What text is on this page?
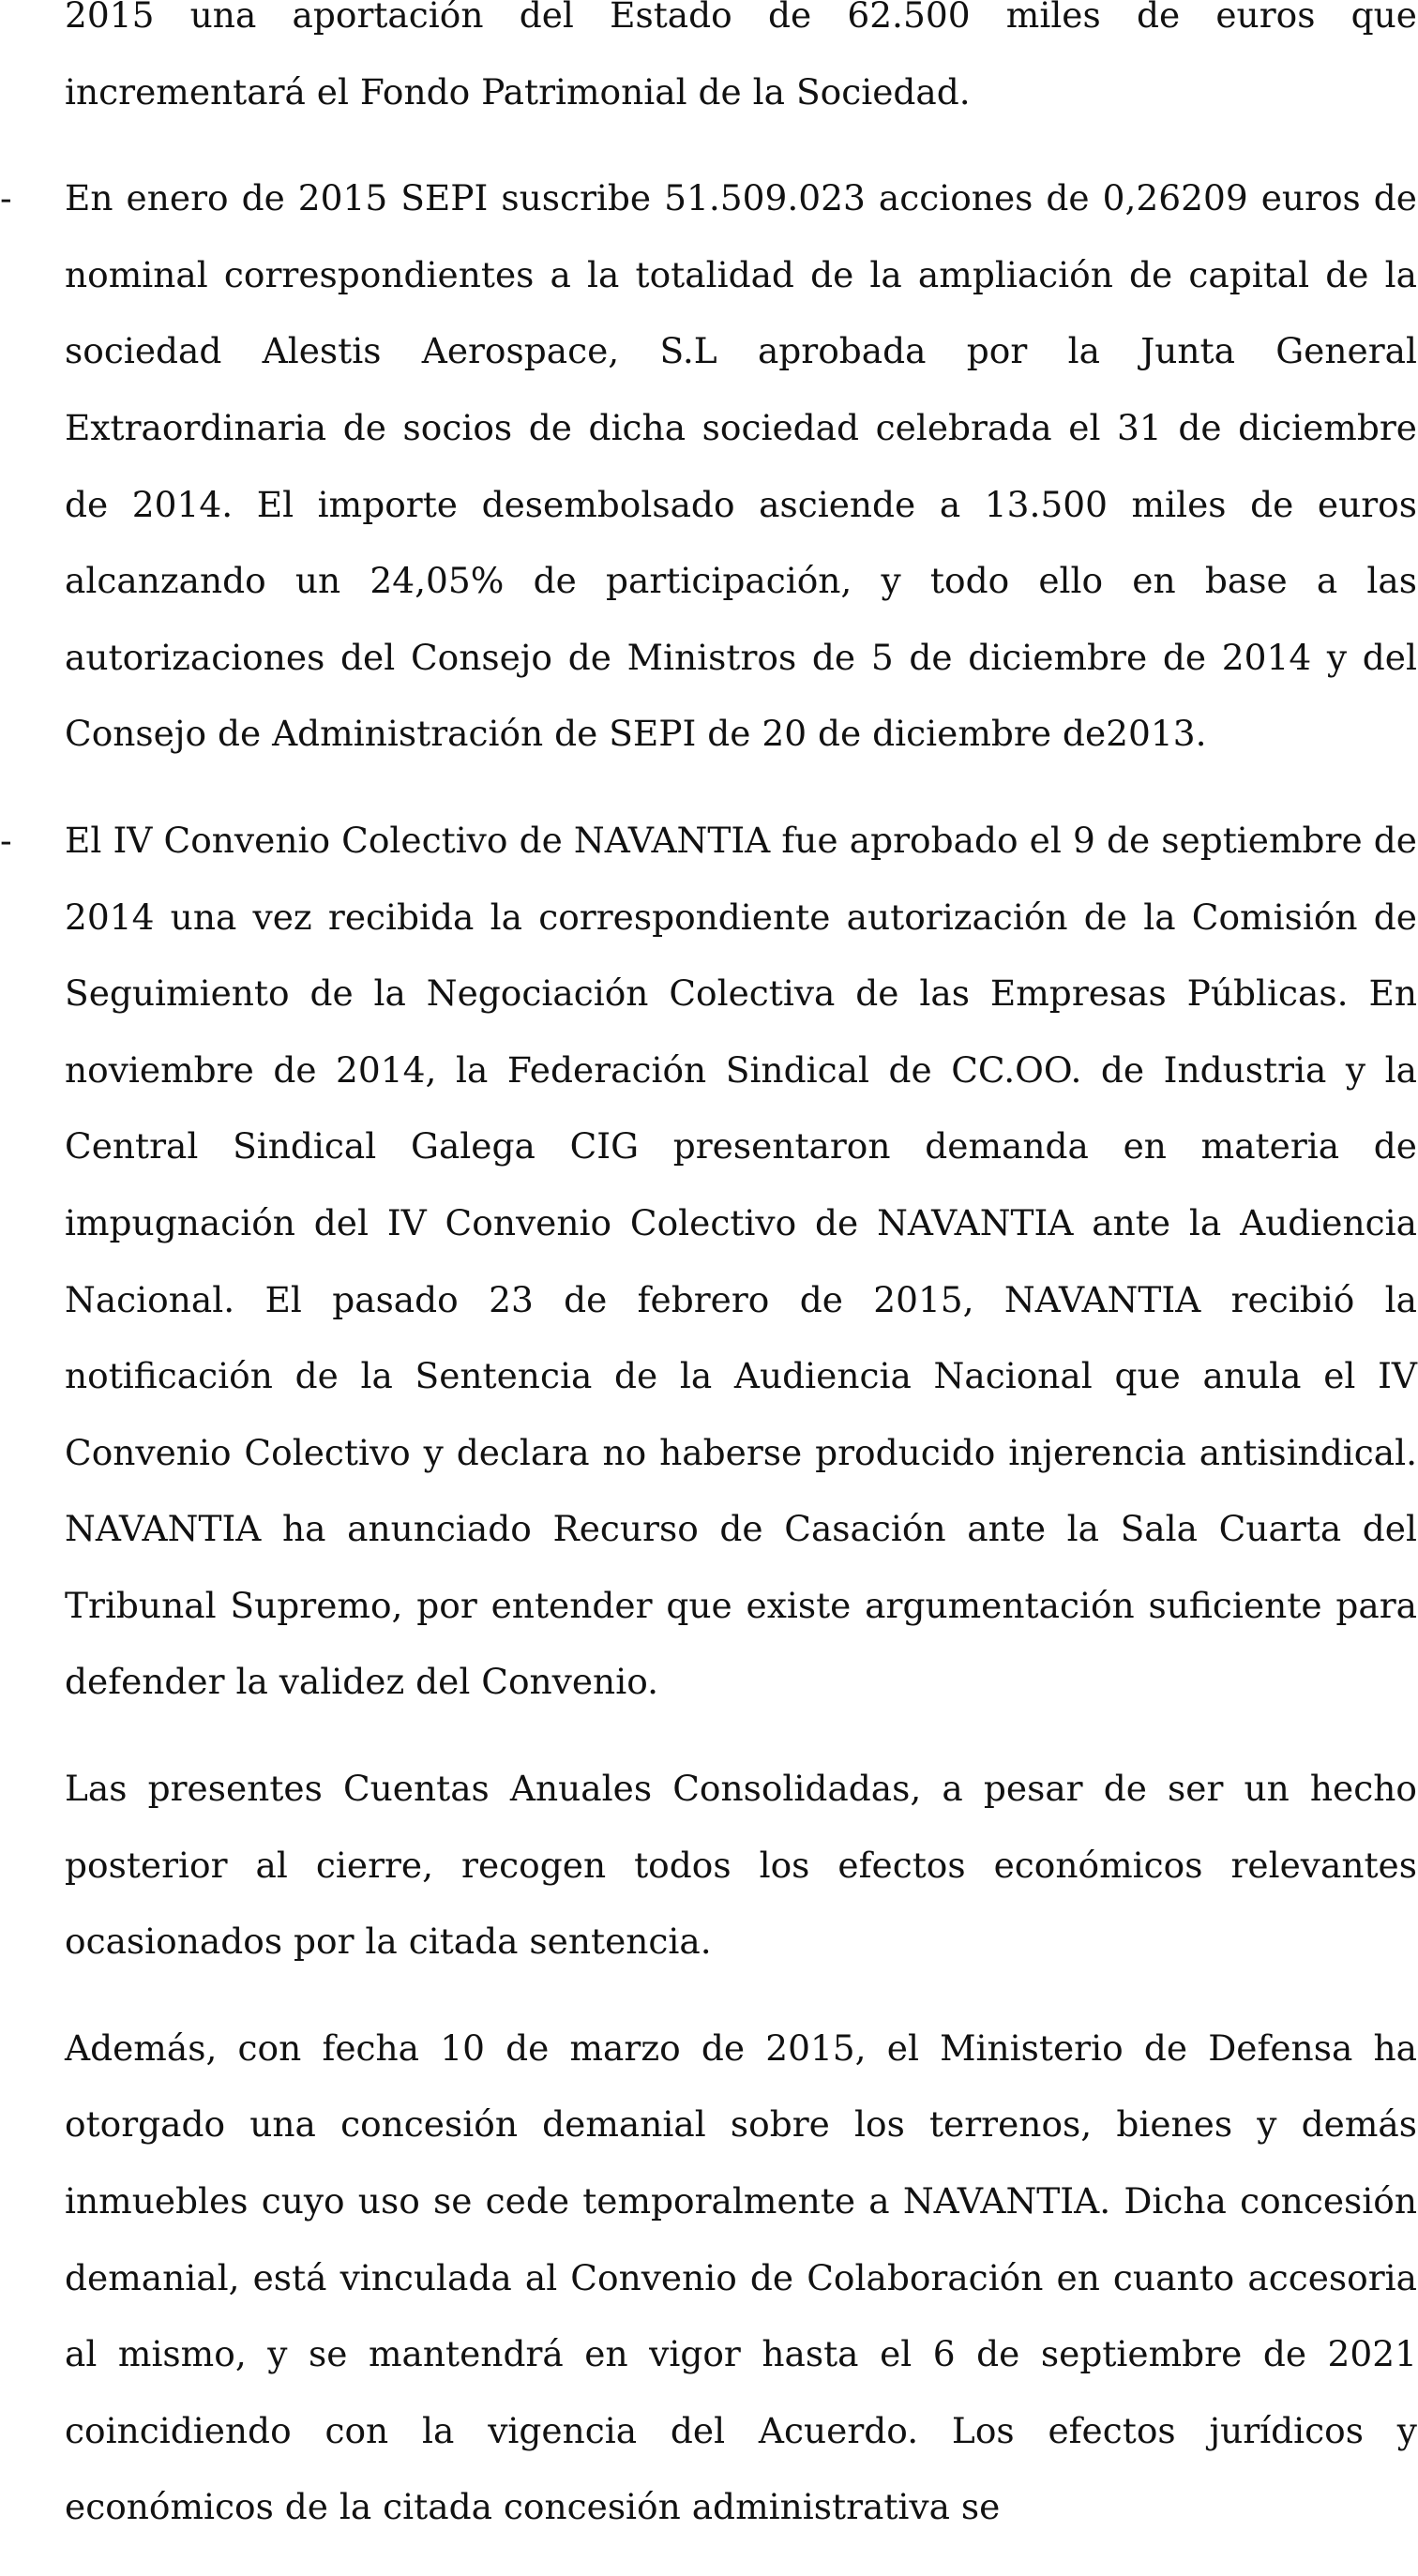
2015 una aportación del Estado de 62.500 miles de euros que incrementará el Fondo Patrimonial de la Sociedad.
- En enero de 2015 SEPI suscribe 51.509.023 acciones de 0,26209 euros de nominal correspondientes a la totalidad de la ampliación de capital de la sociedad Alestis Aerospace, S.L aprobada por la Junta General Extraordinaria de socios de dicha sociedad celebrada el 31 de diciembre de 2014. El importe desembolsado asciende a 13.500 miles de euros alcanzando un 24,05% de participación, y todo ello en base a las autorizaciones del Consejo de Ministros de 5 de diciembre de 2014 y del Consejo de Administración de SEPI de 20 de diciembre de2013.
- El IV Convenio Colectivo de NAVANTIA fue aprobado el 9 de septiembre de 2014 una vez recibida la correspondiente autorización de la Comisión de Seguimiento de la Negociación Colectiva de las Empresas Públicas. En noviembre de 2014, la Federación Sindical de CC.OO. de Industria y la Central Sindical Galega CIG presentaron demanda en materia de impugnación del IV Convenio Colectivo de NAVANTIA ante la Audiencia Nacional. El pasado 23 de febrero de 2015, NAVANTIA recibió la notificación de la Sentencia de la Audiencia Nacional que anula el IV Convenio Colectivo y declara no haberse producido injerencia antisindical. NAVANTIA ha anunciado Recurso de Casación ante la Sala Cuarta del Tribunal Supremo, por entender que existe argumentación suficiente para defender la validez del Convenio.
Las presentes Cuentas Anuales Consolidadas, a pesar de ser un hecho posterior al cierre, recogen todos los efectos económicos relevantes ocasionados por la citada sentencia.
Además, con fecha 10 de marzo de 2015, el Ministerio de Defensa ha otorgado una concesión demanial sobre los terrenos, bienes y demás inmuebles cuyo uso se cede temporalmente a NAVANTIA. Dicha concesión demanial, está vinculada al Convenio de Colaboración en cuanto accesoria al mismo, y se mantendrá en vigor hasta el 6 de septiembre de 2021 coincidiendo con la vigencia del Acuerdo. Los efectos jurídicos y económicos de la citada concesión administrativa se
